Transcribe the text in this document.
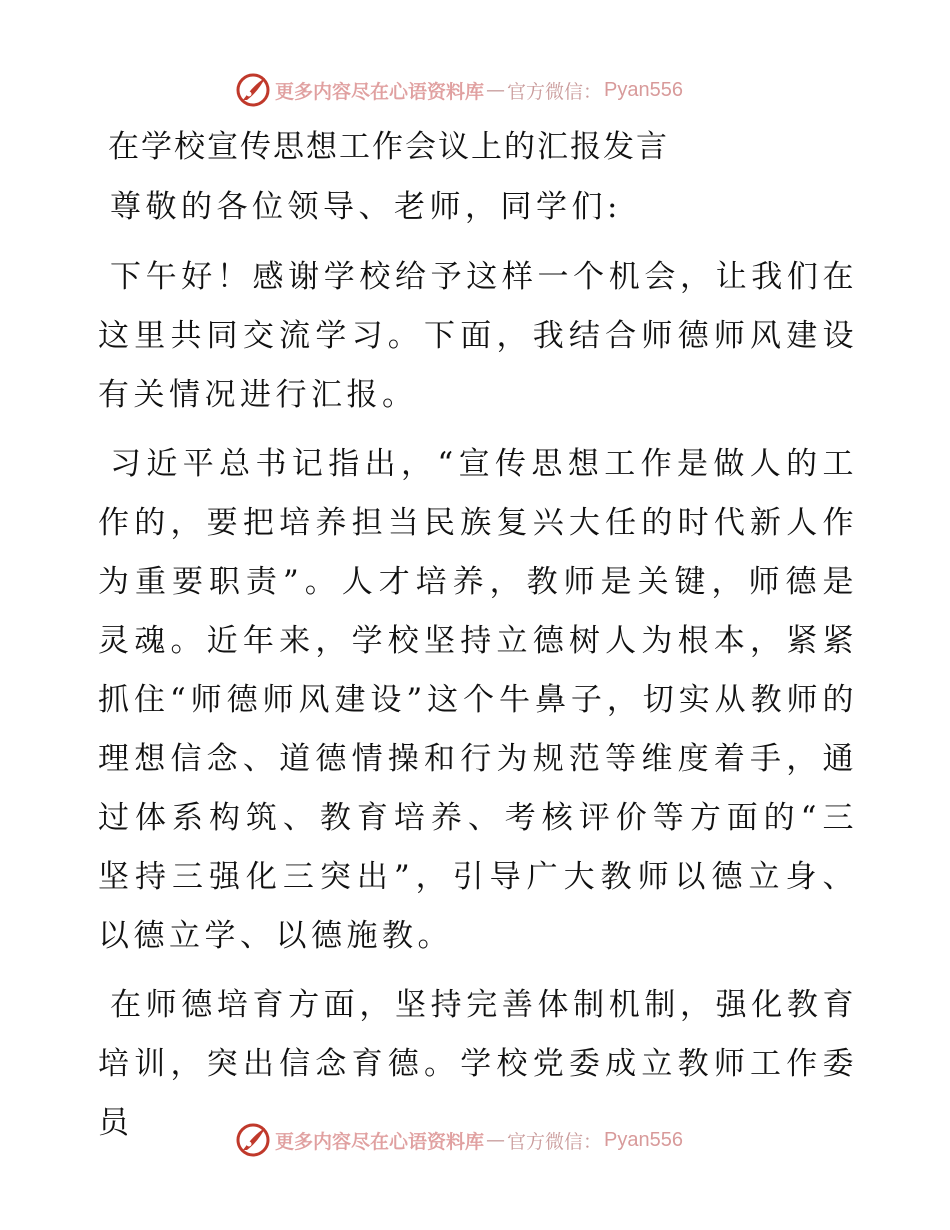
更多内容尽在心语资料库 — 官方微信： Pyan556
在学校宣传思想工作会议上的汇报发言

尊敬的各位领导、老师，同学们:

下午好！感谢学校给予这样一个机会，让我们在这里共同交流学习。下面，我结合师德师风建设有关情况进行汇报。

习近平总书记指出，“宣传思想工作是做人的工作的，要把培养担当民族复兴大任的时代新人作为重要职责”。人才培养，教师是关键，师德是灵魂。近年来，学校坚持立德树人为根本，紧紧抓住“师德师风建设”这个牛鼻子，切实从教师的理想信念、道德情操和行为规范等维度着手，通过体系构筑、教育培养、考核评价等方面的“三坚持三强化三突出”，引导广大教师以德立身、以德立学、以德施教。

在师德培育方面，坚持完善体制机制，强化教育培训，突出信念育德。学校党委成立教师工作委员

更多内容尽在心语资料库 — 官方微信： Pyan556
